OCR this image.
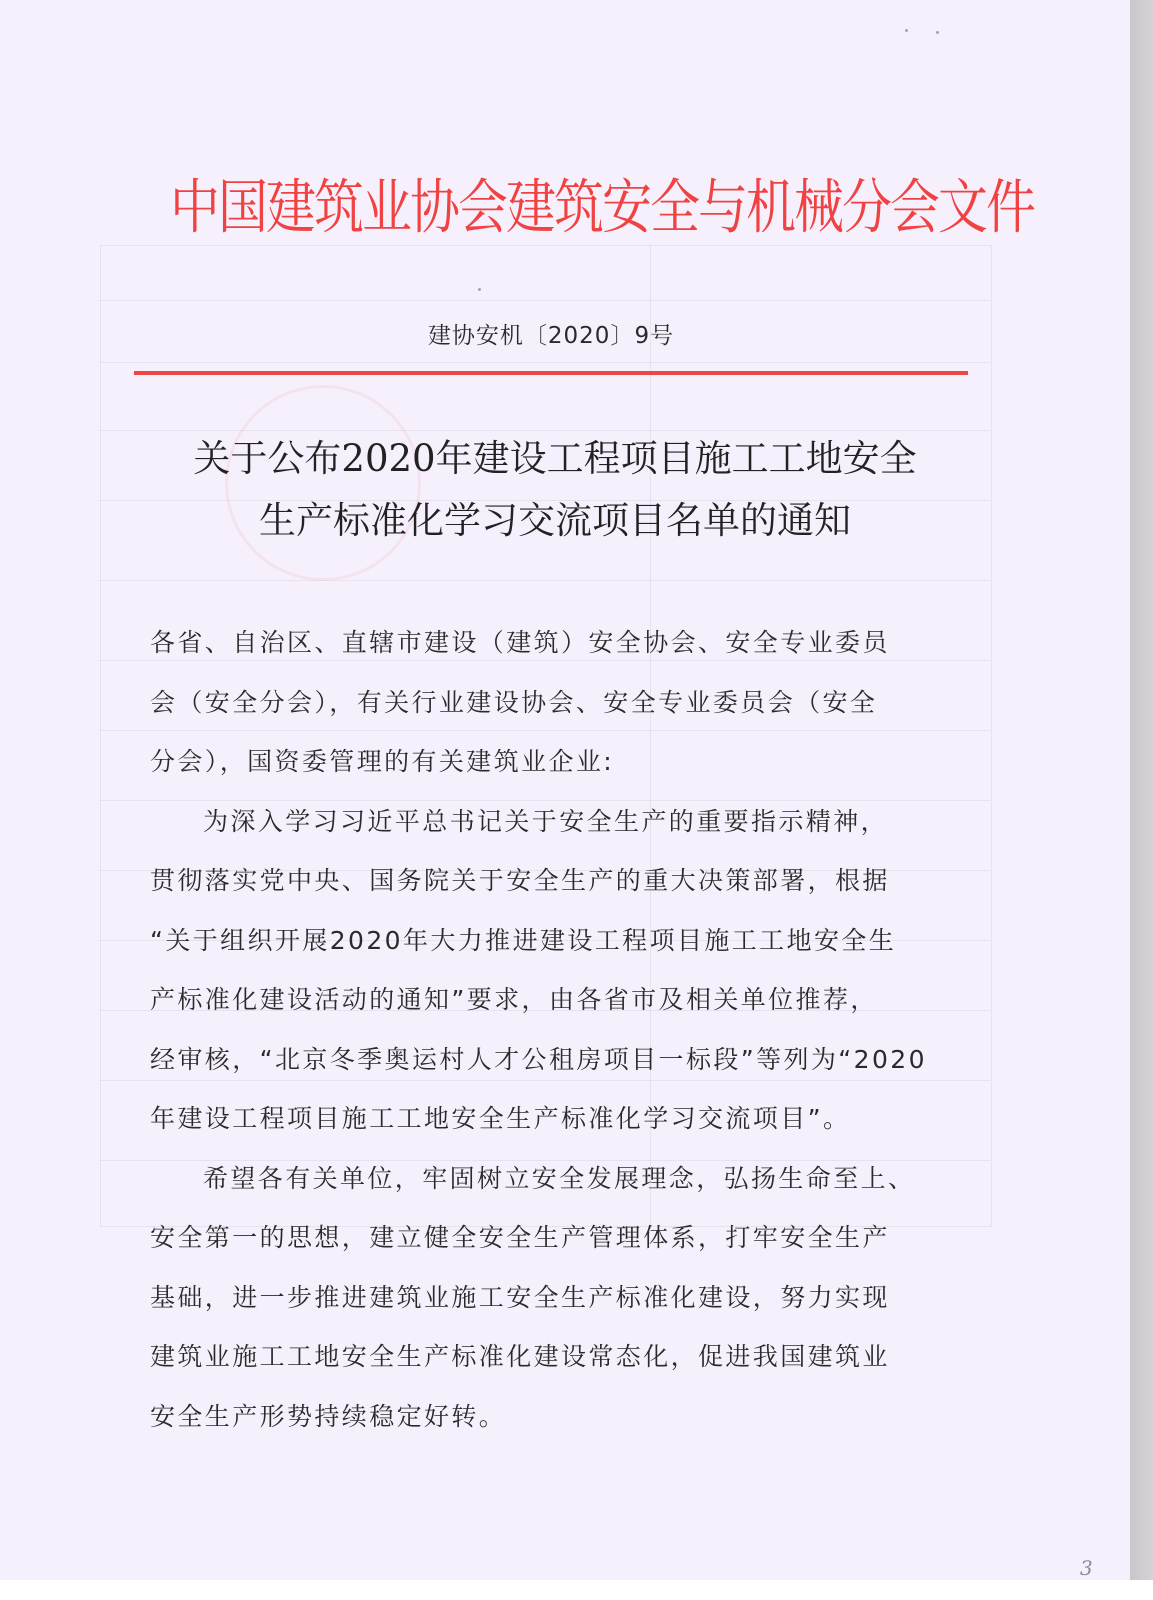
中国建筑业协会建筑安全与机械分会文件
建协安机〔2020〕9号
关于公布2020年建设工程项目施工工地安全
生产标准化学习交流项目名单的通知
各省、自治区、直辖市建设（建筑）安全协会、安全专业委员
会（安全分会），有关行业建设协会、安全专业委员会（安全
分会），国资委管理的有关建筑业企业:
为深入学习习近平总书记关于安全生产的重要指示精神，
贯彻落实党中央、国务院关于安全生产的重大决策部署，根据
“关于组织开展2020年大力推进建设工程项目施工工地安全生
产标准化建设活动的通知”要求，由各省市及相关单位推荐，
经审核，“北京冬季奥运村人才公租房项目一标段”等列为“2020
年建设工程项目施工工地安全生产标准化学习交流项目”。
希望各有关单位，牢固树立安全发展理念，弘扬生命至上、
安全第一的思想，建立健全安全生产管理体系，打牢安全生产
基础，进一步推进建筑业施工安全生产标准化建设，努力实现
建筑业施工工地安全生产标准化建设常态化，促进我国建筑业
安全生产形势持续稳定好转。
3
